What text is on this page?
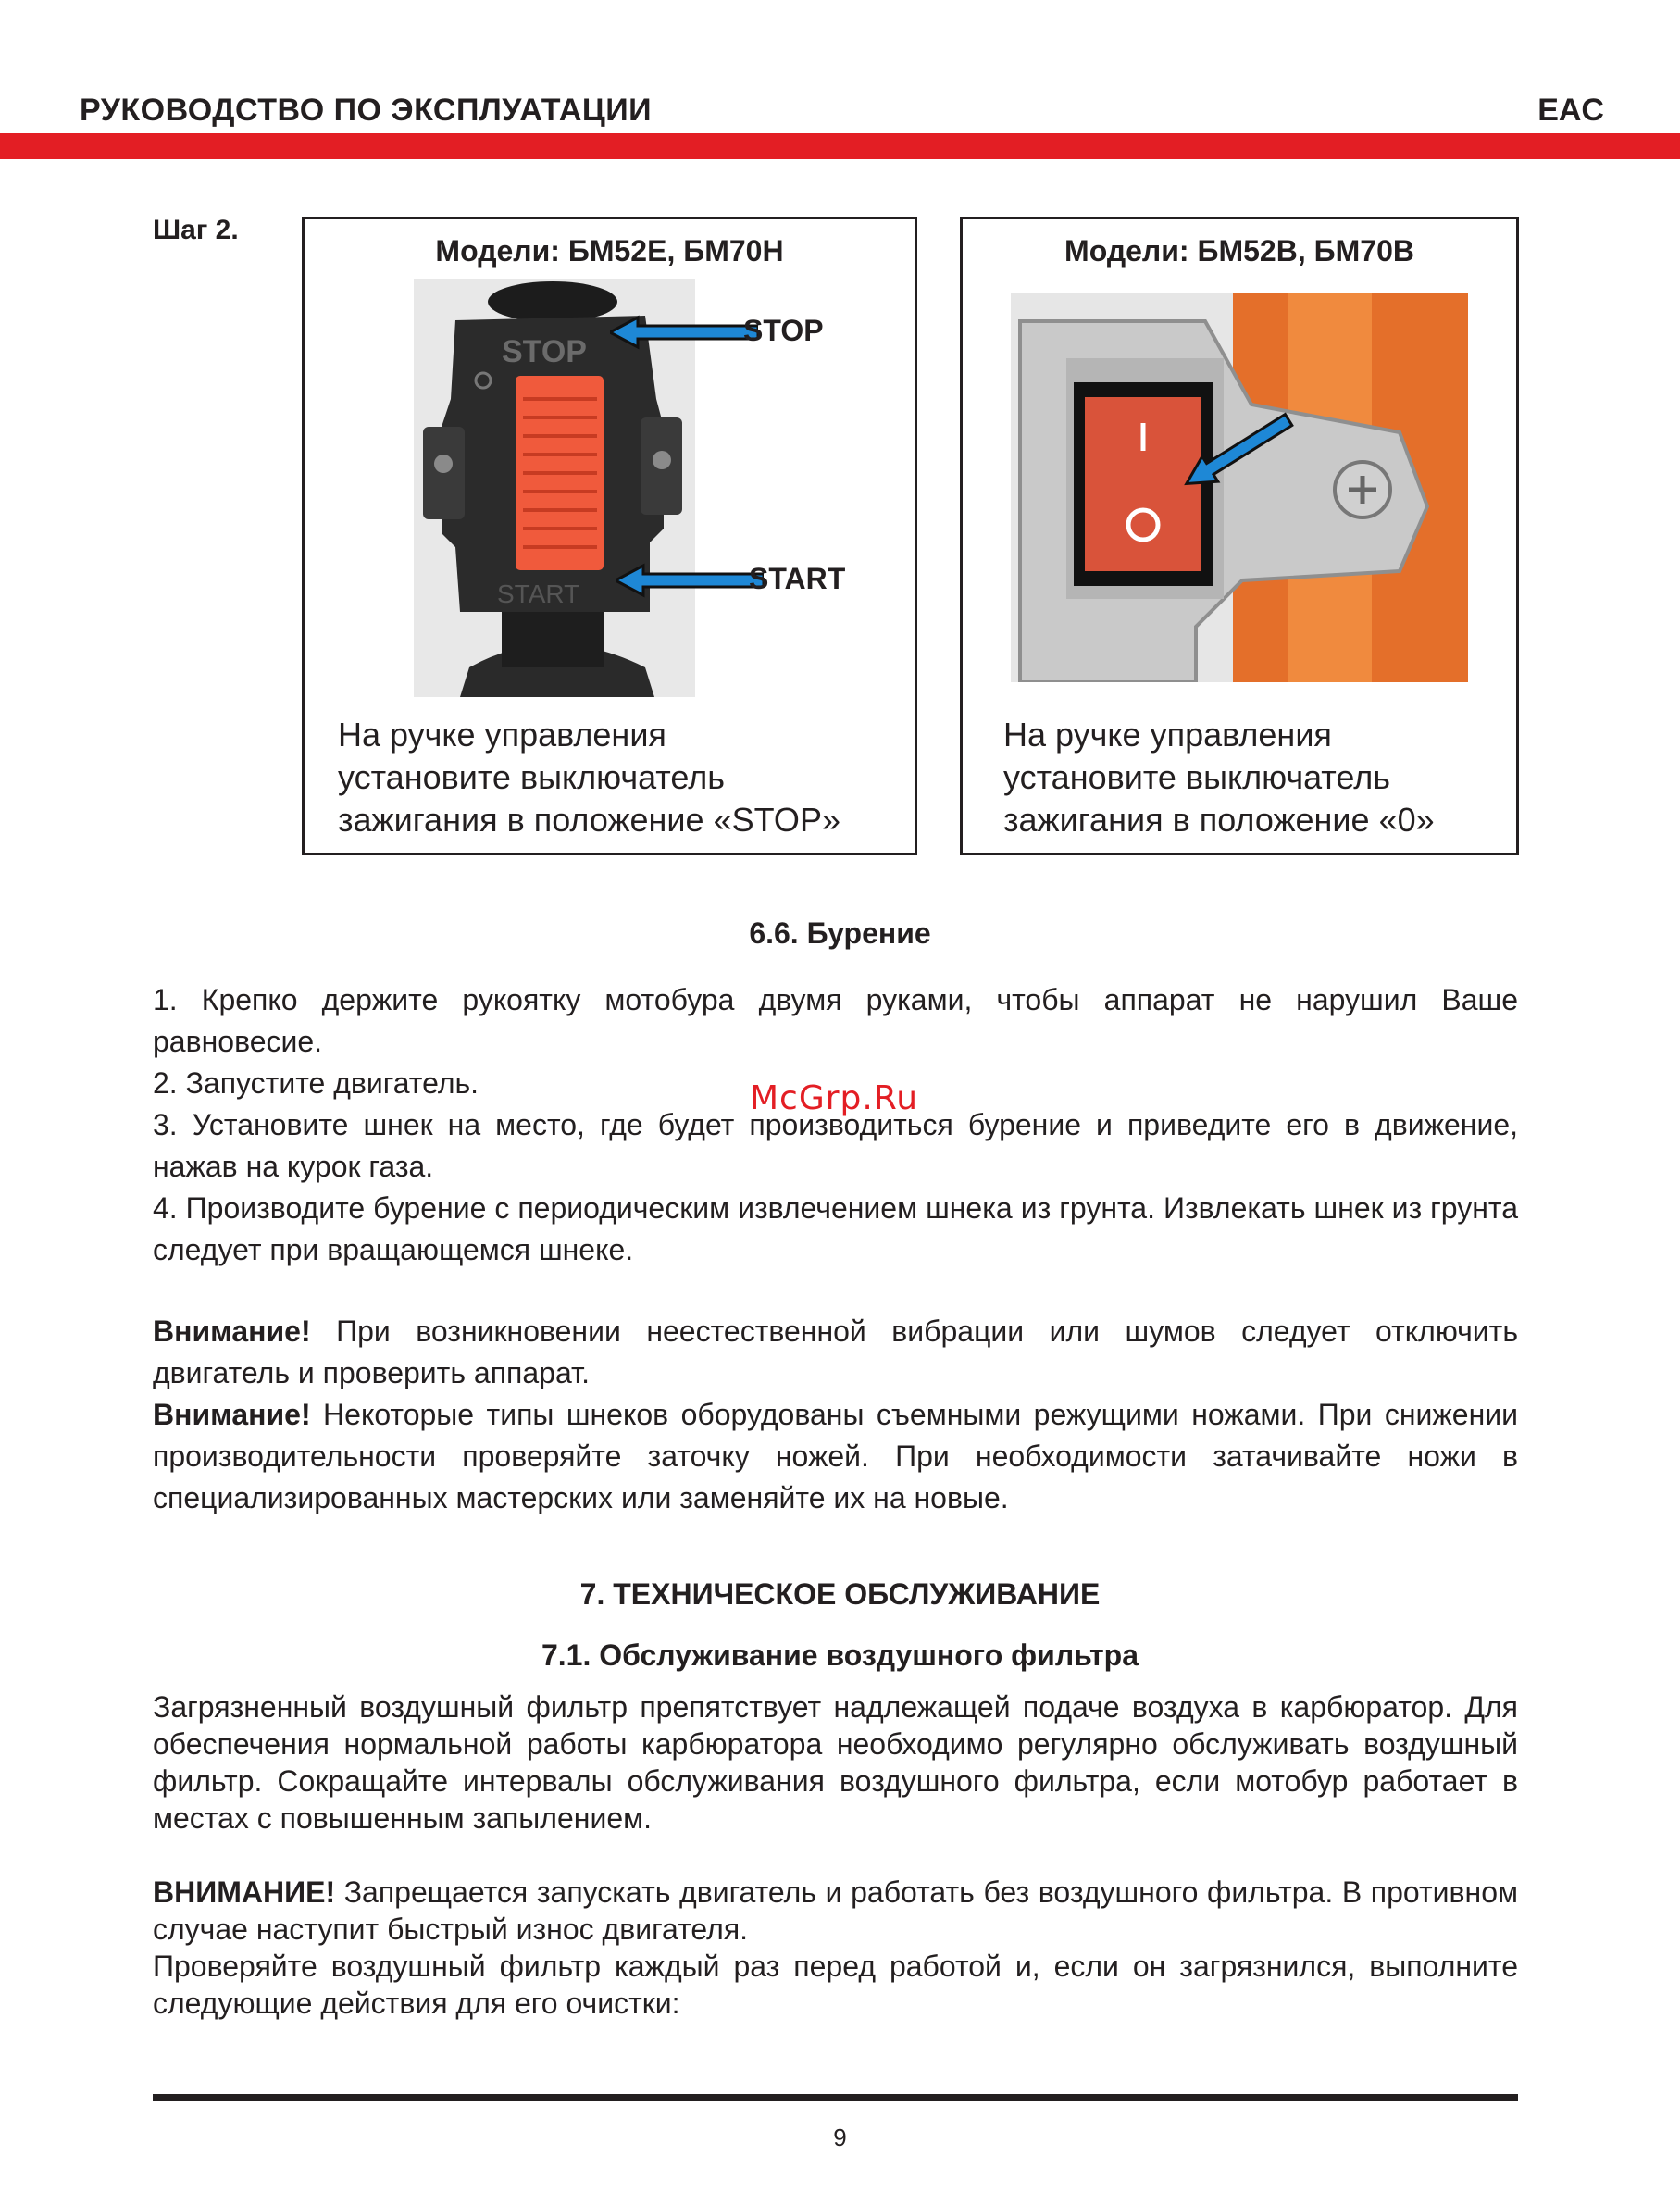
РУКОВОДСТВО ПО ЭКСПЛУАТАЦИИ	EAC
Шаг 2.
Модели: БМ52Е, БМ70Н
STOP
START
STOP
START
На ручке управления
установите выключатель
зажигания в положение «STOP»
Модели: БМ52В, БМ70В
На ручке управления
установите выключатель
зажигания в положение «0»
6.6. Бурение
1. Крепко держите рукоятку мотобура двумя руками, чтобы аппарат не нарушил Ваше равновесие.
2. Запустите двигатель.
3. Установите шнек на место, где будет производиться бурение и приведите его в движение, нажав на курок газа.
4. Производите бурение с периодическим извлечением шнека из грунта. Извлекать шнек из грунта следует при вращающемся шнеке.
McGrp.Ru
Внимание! При возникновении неестественной вибрации или шумов следует отключить двигатель и проверить аппарат.
Внимание! Некоторые типы шнеков оборудованы съемными режущими ножами. При снижении производительности проверяйте заточку ножей. При необходимости затачивайте ножи в специализированных мастерских или заменяйте их на новые.
7. ТЕХНИЧЕСКОЕ ОБСЛУЖИВАНИЕ
7.1. Обслуживание воздушного фильтра

Загрязненный воздушный фильтр препятствует надлежащей подаче воздуха в карбюратор. Для обеспечения нормальной работы карбюратора необходимо регулярно обслуживать воздушный фильтр. Сокращайте интервалы обслуживания воздушного фильтра, если мотобур работает в местах с повышенным запылением.

ВНИМАНИЕ! Запрещается запускать двигатель и работать без воздушного фильтра. В противном случае наступит быстрый износ двигателя.
Проверяйте воздушный фильтр каждый раз перед работой и, если он загрязнился, выполните следующие действия для его очистки:
9
